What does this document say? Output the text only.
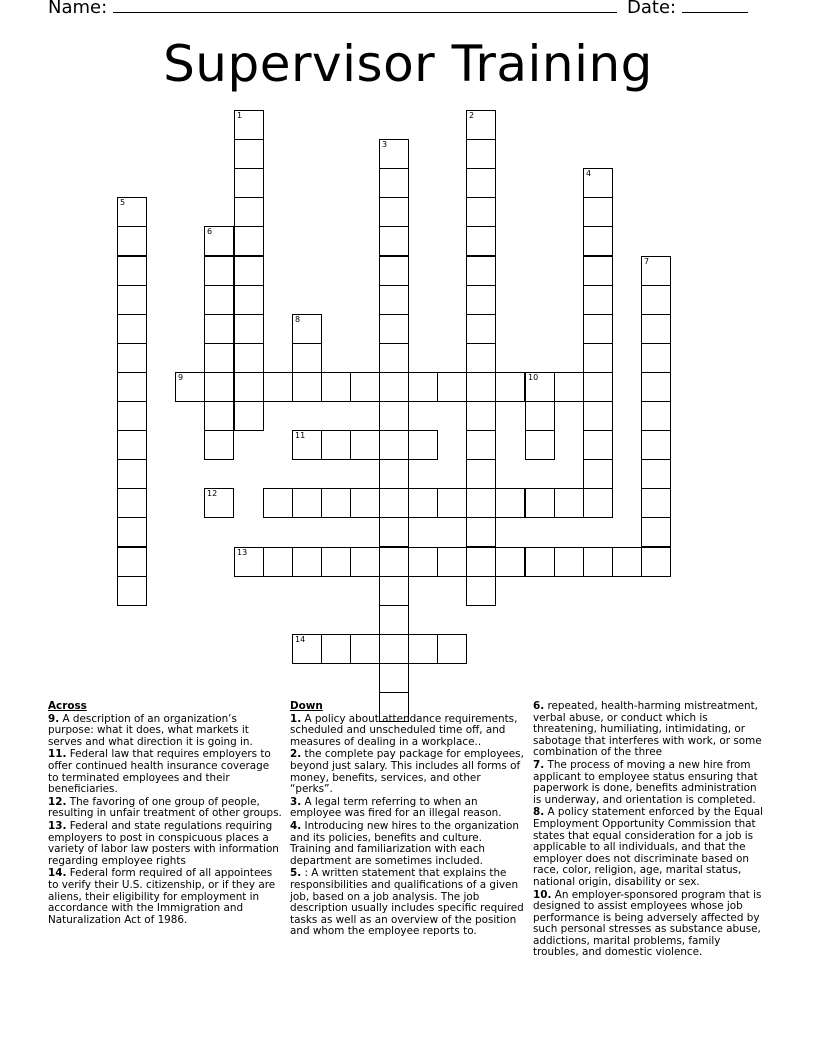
Name:	Date:
Supervisor Training
1	2
3
4
5
6
7
8
9	10
11
12
13
14
Across
9. A description of an organization’s purpose: what it does, what markets it serves and what direction it is going in.
11. Federal law that requires employers to offer continued health insurance coverage to terminated employees and their beneficiaries.
12. The favoring of one group of people, resulting in unfair treatment of other groups.
13. Federal and state regulations requiring employers to post in conspicuous places a variety of labor law posters with information regarding employee rights
14. Federal form required of all appointees to verify their U.S. citizenship, or if they are aliens, their eligibility for employment in accordance with the Immigration and Naturalization Act of 1986.
Down
1. A policy about attendance requirements, scheduled and unscheduled time off, and measures of dealing in a workplace..
2. the complete pay package for employees, beyond just salary. This includes all forms of money, benefits, services, and other “perks”.
3. A legal term referring to when an employee was fired for an illegal reason.
4. Introducing new hires to the organization and its policies, benefits and culture. Training and familiarization with each department are sometimes included.
5. : A written statement that explains the responsibilities and qualifications of a given job, based on a job analysis. The job description usually includes specific required tasks as well as an overview of the position and whom the employee reports to.
6. repeated, health-harming mistreatment, verbal abuse, or conduct which is threatening, humiliating, intimidating, or sabotage that interferes with work, or some combination of the three
7. The process of moving a new hire from applicant to employee status ensuring that paperwork is done, benefits administration is underway, and orientation is completed.
8. A policy statement enforced by the Equal Employment Opportunity Commission that states that equal consideration for a job is applicable to all individuals, and that the employer does not discriminate based on race, color, religion, age, marital status, national origin, disability or sex.
10. An employer-sponsored program that is designed to assist employees whose job performance is being adversely affected by such personal stresses as substance abuse, addictions, marital problems, family troubles, and domestic violence.
